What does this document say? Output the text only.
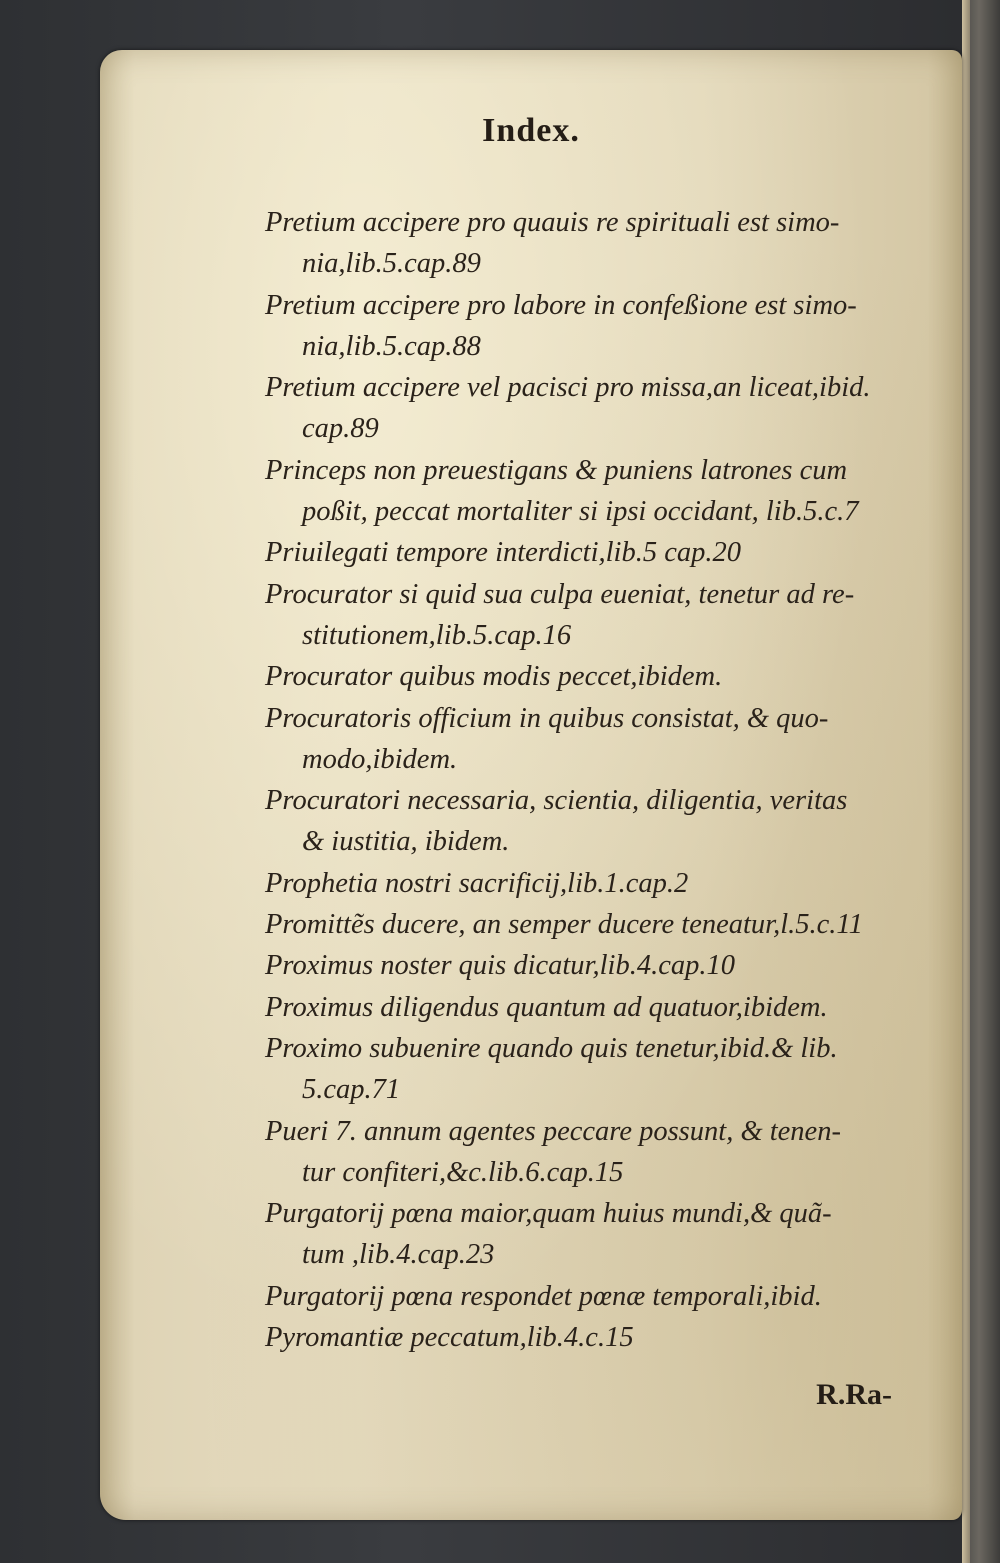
Index.
Pretium accipere pro quauis re spirituali est simo-
nia,lib.5.cap.89
Pretium accipere pro labore in confeßione est simo-
nia,lib.5.cap.88
Pretium accipere vel pacisci pro missa,an liceat,ibid.
cap.89
Princeps non preuestigans & puniens latrones cum
poßit, peccat mortaliter si ipsi occidant, lib.5.c.7
Priuilegati tempore interdicti,lib.5 cap.20
Procurator si quid sua culpa eueniat, tenetur ad re-
stitutionem,lib.5.cap.16
Procurator quibus modis peccet,ibidem.
Procuratoris officium in quibus consistat, & quo-
modo,ibidem.
Procuratori necessaria, scientia, diligentia, veritas
& iustitia, ibidem.
Prophetia nostri sacrificij,lib.1.cap.2
Promittẽs ducere, an semper ducere teneatur,l.5.c.11
Proximus noster quis dicatur,lib.4.cap.10
Proximus diligendus quantum ad quatuor,ibidem.
Proximo subuenire quando quis tenetur,ibid.& lib.
5.cap.71
Pueri 7. annum agentes peccare possunt, & tenen-
tur confiteri,&c.lib.6.cap.15
Purgatorij pœna maior,quam huius mundi,& quã-
tum ,lib.4.cap.23
Purgatorij pœna respondet pœnæ temporali,ibid.
Pyromantiæ peccatum,lib.4.c.15
R.Ra-
